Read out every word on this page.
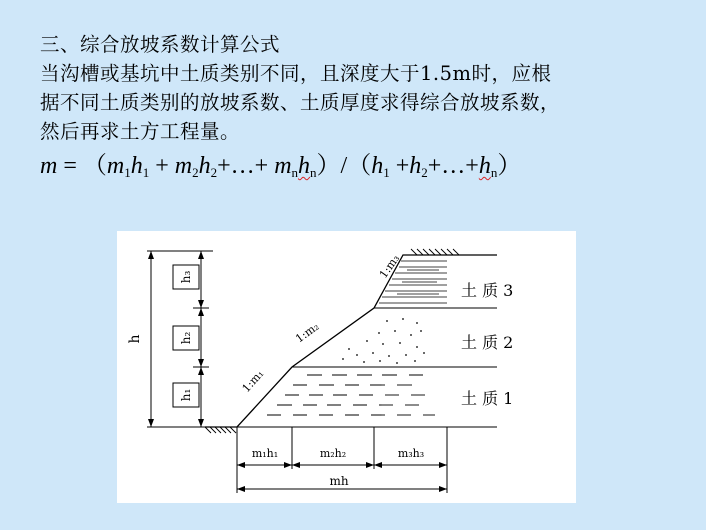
三、综合放坡系数计算公式
当沟槽或基坑中土质类别不同，且深度大于1.5m时，应根
据不同土质类别的放坡系数、土质厚度求得综合放坡系数，
然后再求土方工程量。
$m = (m_1h_1$ + $m_2h_2+\dots+ m_nh_n)/(h_1$ $+h_2+\dots+h_n$）
h
h₃
h₂
h₁	1:m₁
1:m₂
1:m₃
土 质 3
土 质 2
土 质 1
m₁h₁	m₂h₂	m₃h₃
mh
